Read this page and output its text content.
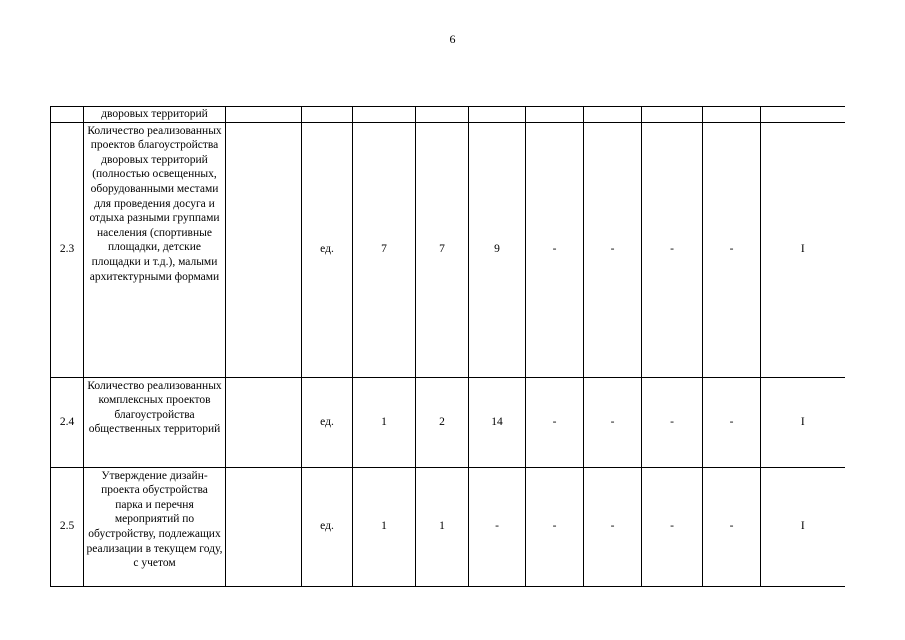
6
	дворовых территорий										
2.3	Количество реализованных проектов благоустройства дворовых территорий (полностью освещенных, оборудованными местами для проведения досуга и отдыха разными группами населения (спортивные площадки, детские площадки и т.д.), малыми архитектурными формами		ед.	7	7	9	-	-	-	-	I
2.4	Количество реализованных комплексных проектов благоустройства общественных территорий		ед.	1	2	14	-	-	-	-	I
2.5	Утверждение дизайн-проекта обустройства парка и перечня мероприятий по обустройству, подлежащих реализации в текущем году, с учетом		ед.	1	1	-	-	-	-	-	I
